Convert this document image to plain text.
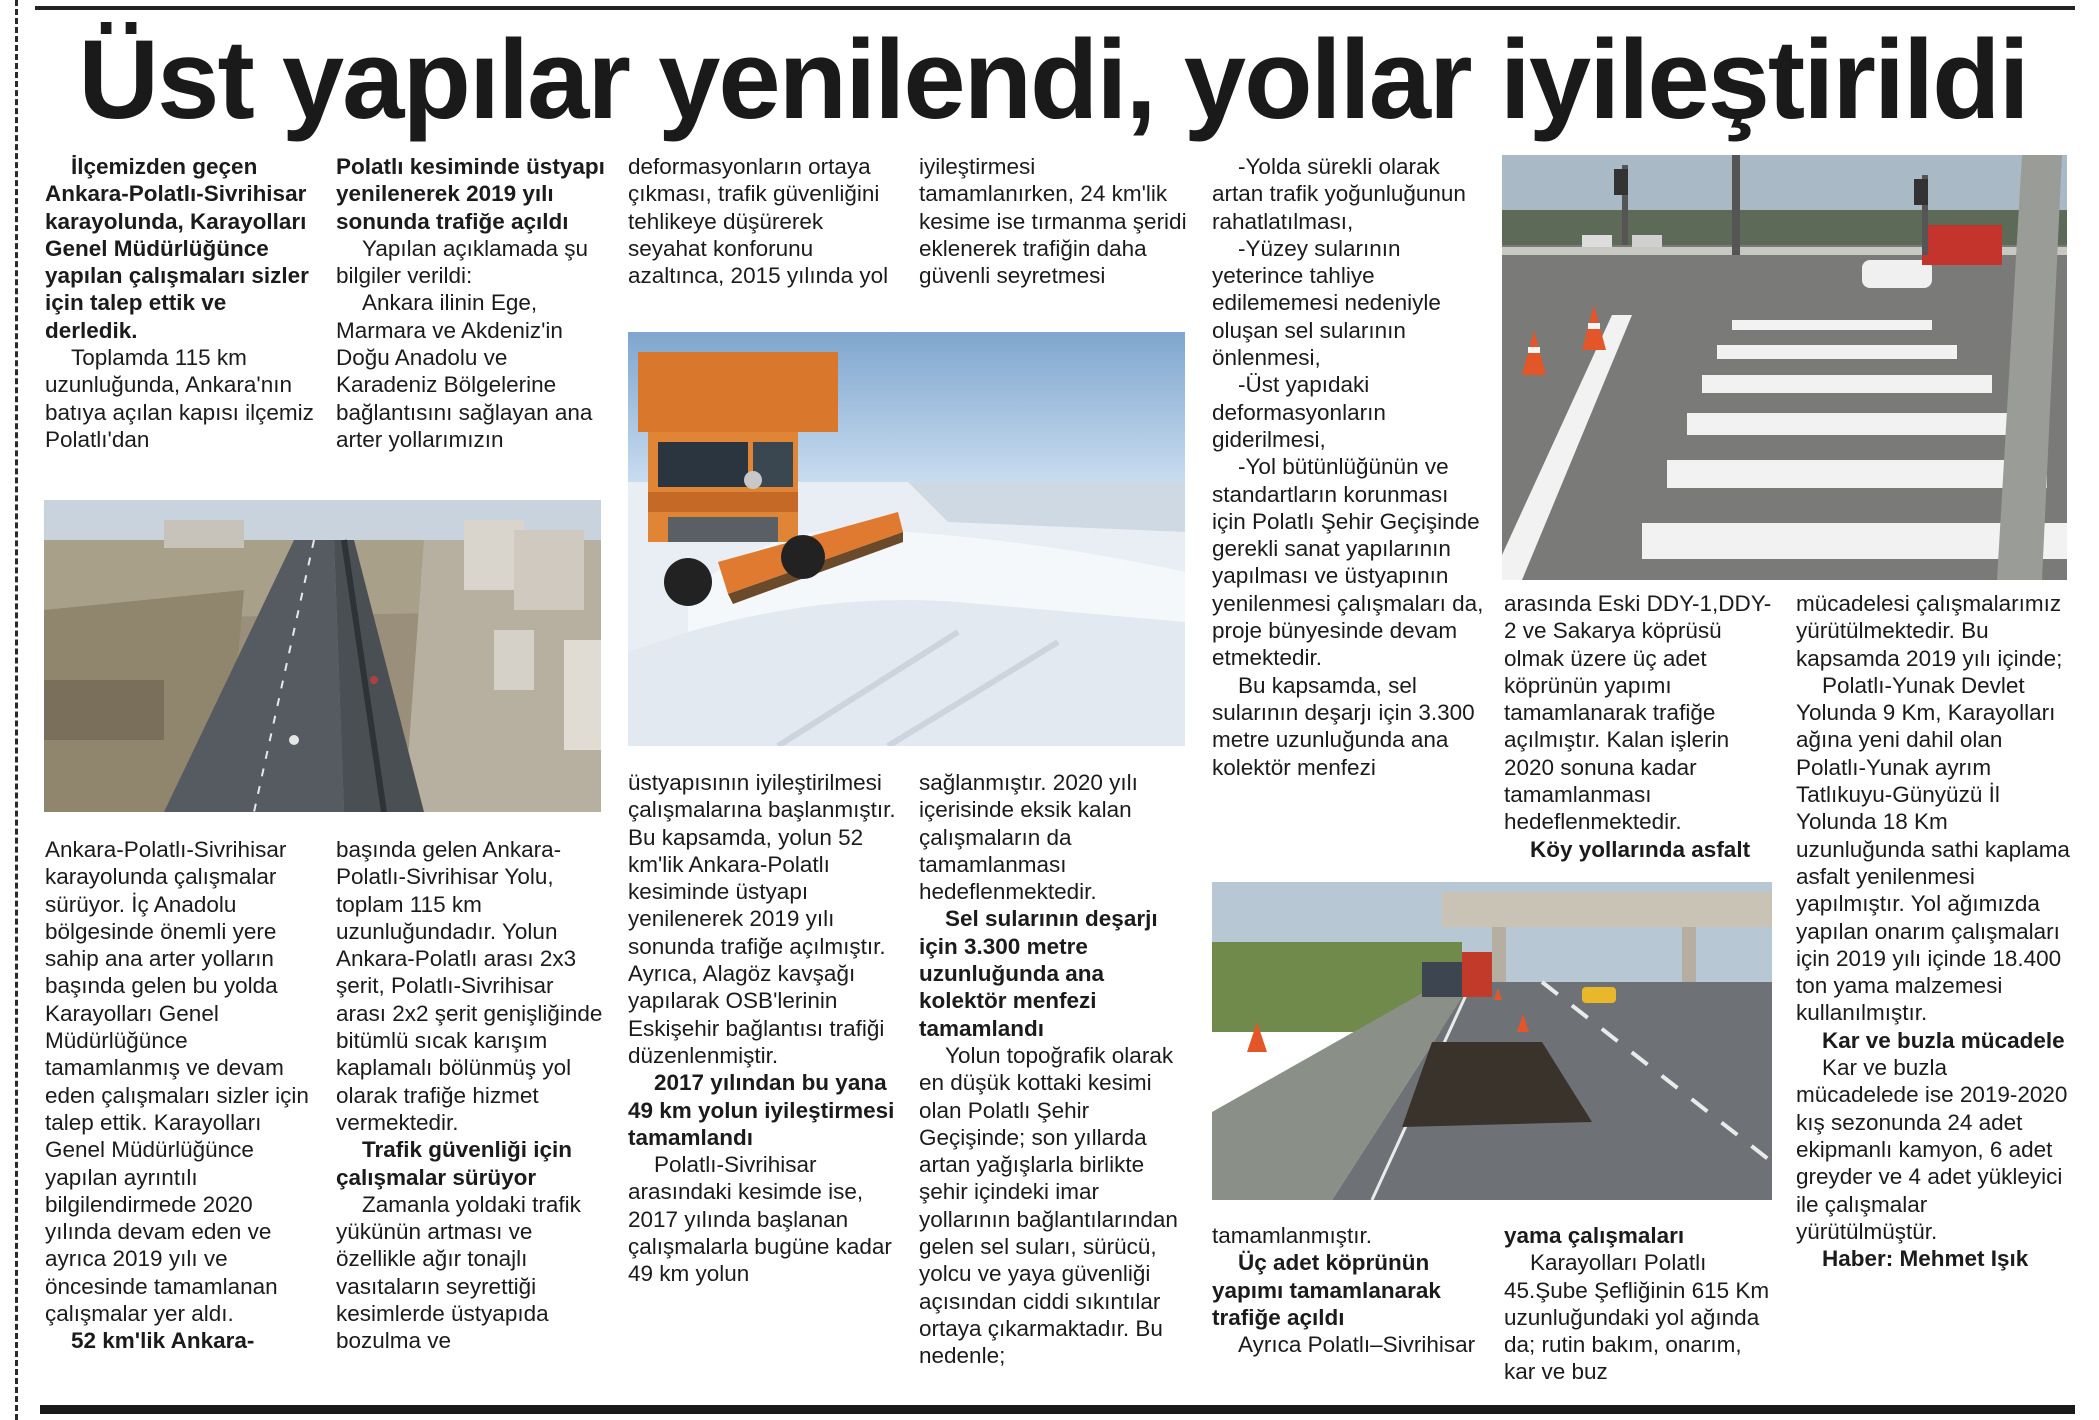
Üst yapılar yenilendi, yollar iyileştirildi

İlçemizden geçen Ankara-Polatlı-Sivrihisar karayolunda, Karayolları Genel Müdürlüğünce yapılan çalışmaları sizler için talep ettik ve derledik.

Toplamda 115 km uzunluğunda, Ankara'nın batıya açılan kapısı ilçemiz Polatlı'dan

Ankara-Polatlı-Sivrihisar karayolunda çalışmalar sürüyor. İç Anadolu bölgesinde önemli yere sahip ana arter yolların başında gelen bu yolda Karayolları Genel Müdürlüğünce tamamlanmış ve devam eden çalışmaları sizler için talep ettik. Karayolları Genel Müdürlüğünce yapılan ayrıntılı bilgilendirmede 2020 yılında devam eden ve ayrıca 2019 yılı ve öncesinde tamamlanan çalışmalar yer aldı.

52 km'lik Ankara-
Polatlı kesiminde üstyapı yenilenerek 2019 yılı sonunda trafiğe açıldı

Yapılan açıklamada şu bilgiler verildi:

Ankara ilinin Ege, Marmara ve Akdeniz'in Doğu Anadolu ve Karadeniz Bölgelerine bağlantısını sağlayan ana arter yollarımızın

başında gelen Ankara-Polatlı-Sivrihisar Yolu, toplam 115 km uzunluğundadır. Yolun Ankara-Polatlı arası 2x3 şerit, Polatlı-Sivrihisar arası 2x2 şerit genişliğinde bitümlü sıcak karışım kaplamalı bölünmüş yol olarak trafiğe hizmet vermektedir.

Trafik güvenliği için çalışmalar sürüyor

Zamanla yoldaki trafik yükünün artması ve özellikle ağır tonajlı vasıtaların seyrettiği kesimlerde üstyapıda bozulma ve

deformasyonların ortaya çıkması, trafik güvenliğini tehlikeye düşürerek seyahat konforunu azaltınca, 2015 yılında yol

üstyapısının iyileştirilmesi çalışmalarına başlanmıştır. Bu kapsamda, yolun 52 km'lik Ankara-Polatlı kesiminde üstyapı yenilenerek 2019 yılı sonunda trafiğe açılmıştır. Ayrıca, Alagöz kavşağı yapılarak OSB'lerinin Eskişehir bağlantısı trafiği düzenlenmiştir.

2017 yılından bu yana 49 km yolun iyileştirmesi tamamlandı

Polatlı-Sivrihisar arasındaki kesimde ise, 2017 yılında başlanan çalışmalarla bugüne kadar 49 km yolun

iyileştirmesi tamamlanırken, 24 km'lik kesime ise tırmanma şeridi eklenerek trafiğin daha güvenli seyretmesi

sağlanmıştır. 2020 yılı içerisinde eksik kalan çalışmaların da tamamlanması hedeflenmektedir.

Sel sularının deşarjı için 3.300 metre uzunluğunda ana kolektör menfezi tamamlandı

Yolun topoğrafik olarak en düşük kottaki kesimi olan Polatlı Şehir Geçişinde; son yıllarda artan yağışlarla birlikte şehir içindeki imar yollarının bağlantılarından gelen sel suları, sürücü, yolcu ve yaya güvenliği açısından ciddi sıkıntılar ortaya çıkarmaktadır. Bu nedenle;

-Yolda sürekli olarak artan trafik yoğunluğunun rahatlatılması,

-Yüzey sularının yeterince tahliye edilememesi nedeniyle oluşan sel sularının önlenmesi,

-Üst yapıdaki deformasyonların giderilmesi,

-Yol bütünlüğünün ve standartların korunması için Polatlı Şehir Geçişinde gerekli sanat yapılarının yapılması ve üstyapının yenilenmesi çalışmaları da, proje bünyesinde devam etmektedir.

Bu kapsamda, sel sularının deşarjı için 3.300 metre uzunluğunda ana kolektör menfezi

tamamlanmıştır.

Üç adet köprünün yapımı tamamlanarak trafiğe açıldı

Ayrıca Polatlı–Sivrihisar

arasında Eski DDY-1,DDY-2 ve Sakarya köprüsü olmak üzere üç adet köprünün yapımı tamamlanarak trafiğe açılmıştır. Kalan işlerin 2020 sonuna kadar tamamlanması hedeflenmektedir.

Köy yollarında asfalt
yama çalışmaları

Karayolları Polatlı 45.Şube Şefliğinin 615 Km uzunluğundaki yol ağında da; rutin bakım, onarım, kar ve buz

mücadelesi çalışmalarımız yürütülmektedir. Bu kapsamda 2019 yılı içinde;

Polatlı-Yunak Devlet Yolunda 9 Km, Karayolları ağına yeni dahil olan Polatlı-Yunak ayrım Tatlıkuyu-Günyüzü İl Yolunda 18 Km uzunluğunda sathi kaplama asfalt yenilenmesi yapılmıştır. Yol ağımızda yapılan onarım çalışmaları için 2019 yılı içinde 18.400 ton yama malzemesi kullanılmıştır.

Kar ve buzla mücadele

Kar ve buzla mücadelede ise 2019-2020 kış sezonunda 24 adet ekipmanlı kamyon, 6 adet greyder ve 4 adet yükleyici ile çalışmalar yürütülmüştür.

Haber: Mehmet Işık
